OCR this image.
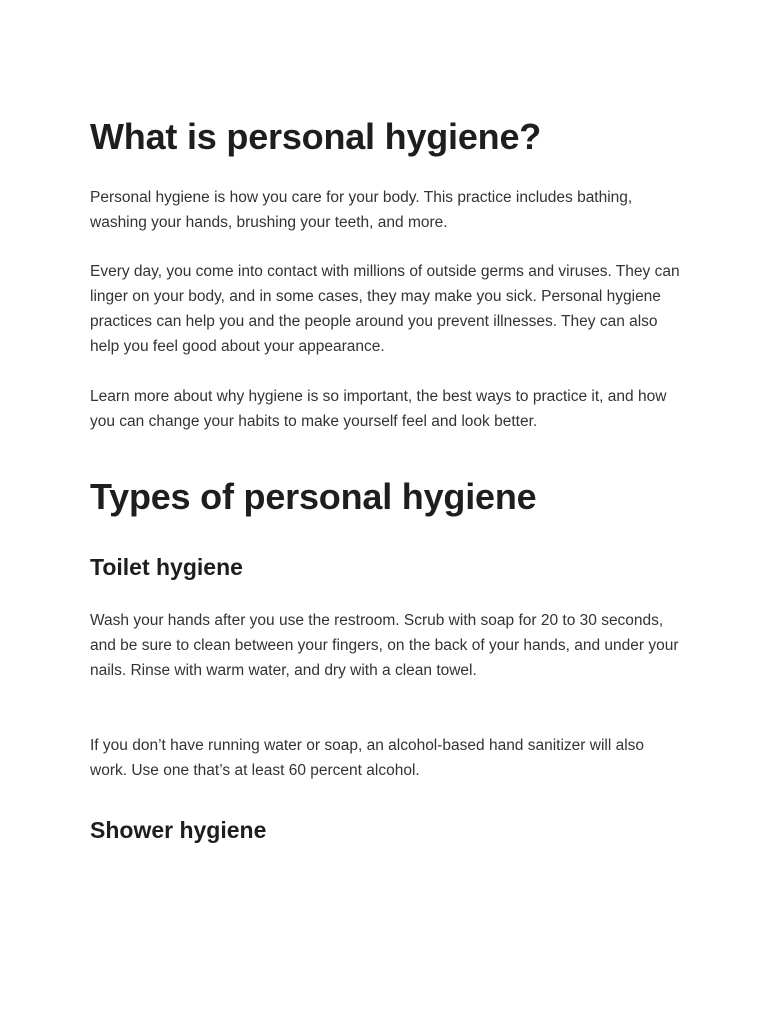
What is personal hygiene?

Personal hygiene is how you care for your body. This practice includes bathing, washing your hands, brushing your teeth, and more.

Every day, you come into contact with millions of outside germs and viruses. They can linger on your body, and in some cases, they may make you sick. Personal hygiene practices can help you and the people around you prevent illnesses. They can also help you feel good about your appearance.

Learn more about why hygiene is so important, the best ways to practice it, and how you can change your habits to make yourself feel and look better.

Types of personal hygiene
Toilet hygiene

Wash your hands after you use the restroom. Scrub with soap for 20 to 30 seconds, and be sure to clean between your fingers, on the back of your hands, and under your nails. Rinse with warm water, and dry with a clean towel.

If you don’t have running water or soap, an alcohol-based hand sanitizer will also work. Use one that’s at least 60 percent alcohol.

Shower hygiene
